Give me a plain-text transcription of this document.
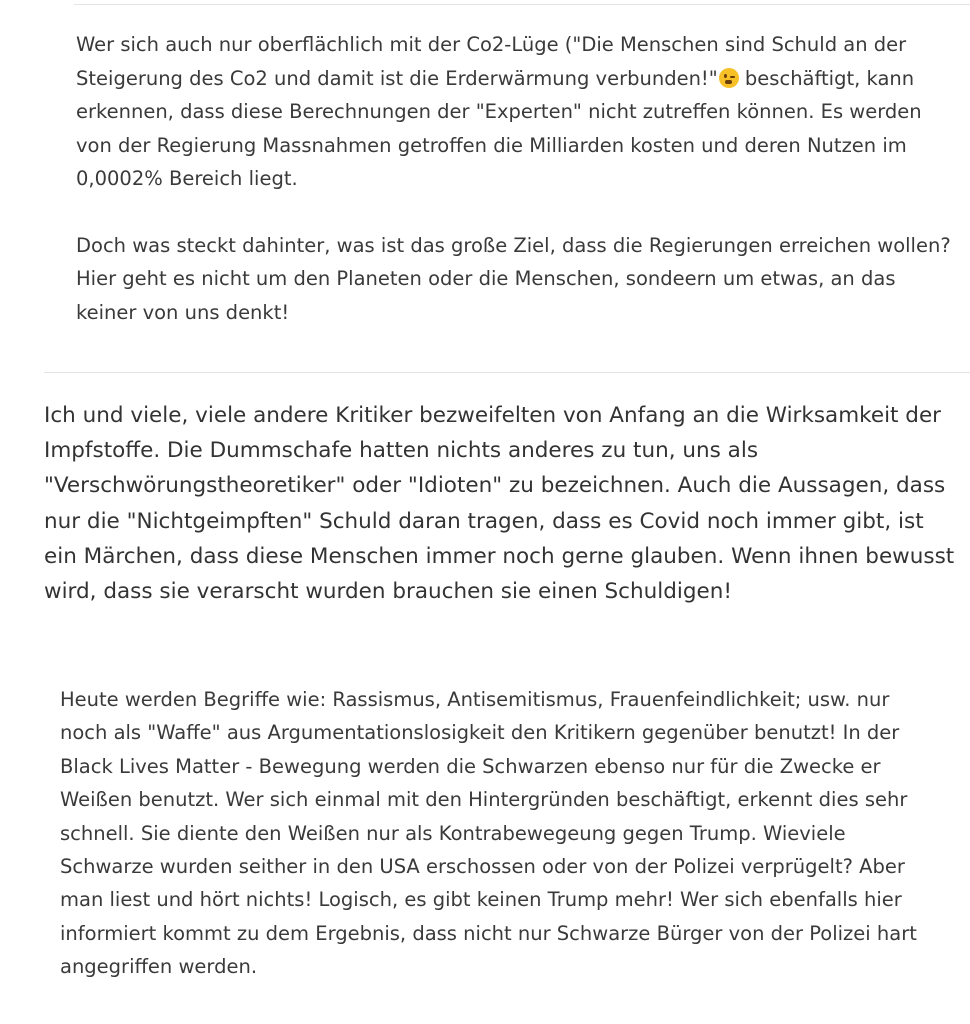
Wer sich auch nur oberflächlich mit der Co2-Lüge ("Die Menschen sind Schuld an der Steigerung des Co2 und damit ist die Erderwärmung verbunden!" beschäftigt, kann erkennen, dass diese Berechnungen der "Experten" nicht zutreffen können. Es werden von der Regierung Massnahmen getroffen die Milliarden kosten und deren Nutzen im 0,0002% Bereich liegt.

Doch was steckt dahinter, was ist das große Ziel, dass die Regierungen erreichen wollen? Hier geht es nicht um den Planeten oder die Menschen, sondeern um etwas, an das keiner von uns denkt!

Ich und viele, viele andere Kritiker bezweifelten von Anfang an die Wirksamkeit der Impfstoffe. Die Dummschafe hatten nichts anderes zu tun, uns als "Verschwörungstheoretiker" oder "Idioten" zu bezeichnen. Auch die Aussagen, dass nur die "Nichtgeimpften" Schuld daran tragen, dass es Covid noch immer gibt, ist ein Märchen, dass diese Menschen immer noch gerne glauben. Wenn ihnen bewusst wird, dass sie verarscht wurden brauchen sie einen Schuldigen!

Heute werden Begriffe wie: Rassismus, Antisemitismus, Frauenfeindlichkeit; usw. nur noch als "Waffe" aus Argumentationslosigkeit den Kritikern gegenüber benutzt! In der Black Lives Matter - Bewegung werden die Schwarzen ebenso nur für die Zwecke er Weißen benutzt. Wer sich einmal mit den Hintergründen beschäftigt, erkennt dies sehr schnell. Sie diente den Weißen nur als Kontrabewegeung gegen Trump. Wieviele Schwarze wurden seither in den USA erschossen oder von der Polizei verprügelt? Aber man liest und hört nichts! Logisch, es gibt keinen Trump mehr! Wer sich ebenfalls hier informiert kommt zu dem Ergebnis, dass nicht nur Schwarze Bürger von der Polizei hart angegriffen werden.
